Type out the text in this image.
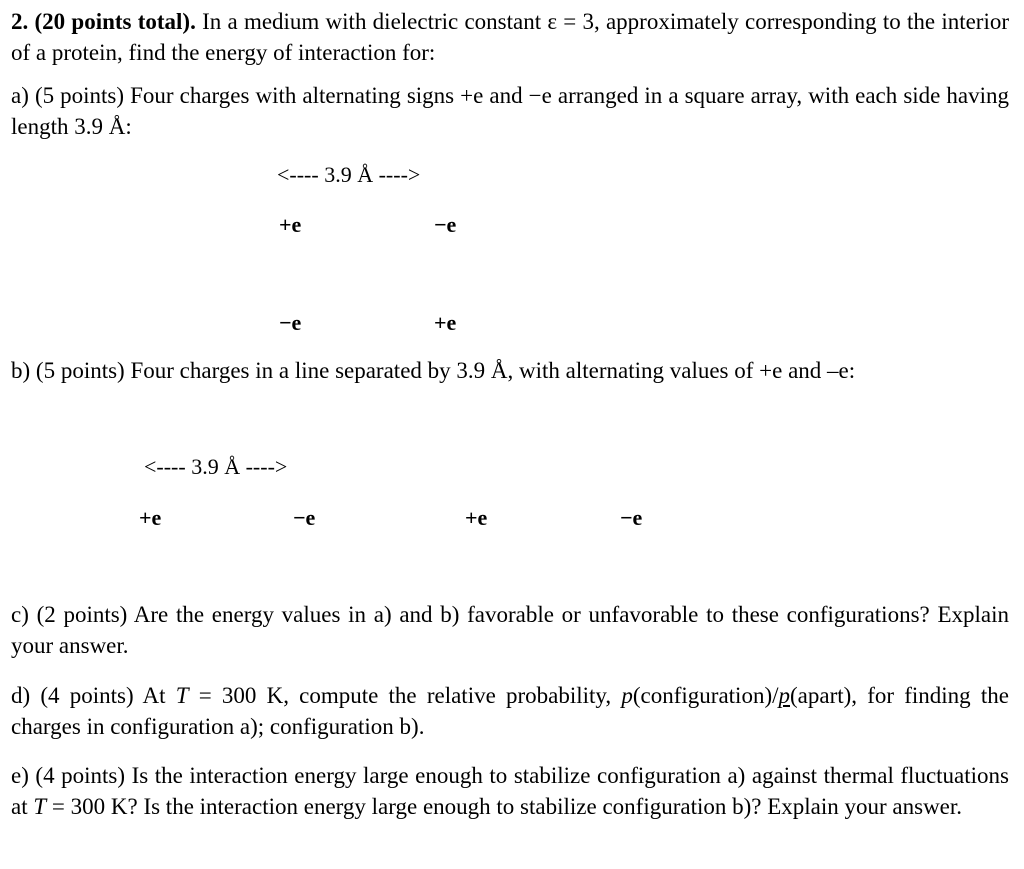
2. (20 points total). In a medium with dielectric constant ε = 3, approximately corresponding to the interior of a protein, find the energy of interaction for:
a) (5 points) Four charges with alternating signs +e and −e arranged in a square array, with each side having length 3.9 Å:
<---- 3.9 Å ---->
+e	−e
−e	+e
b) (5 points) Four charges in a line separated by 3.9 Å, with alternating values of +e and –e:
<---- 3.9 Å ---->
+e	−e	+e	−e
c) (2 points) Are the energy values in a) and b) favorable or unfavorable to these configurations? Explain your answer.
d) (4 points) At T = 300 K, compute the relative probability, p(configuration)/p(apart), for finding the charges in configuration a); configuration b).
e) (4 points) Is the interaction energy large enough to stabilize configuration a) against thermal fluctuations at T = 300 K? Is the interaction energy large enough to stabilize configuration b)? Explain your answer.
